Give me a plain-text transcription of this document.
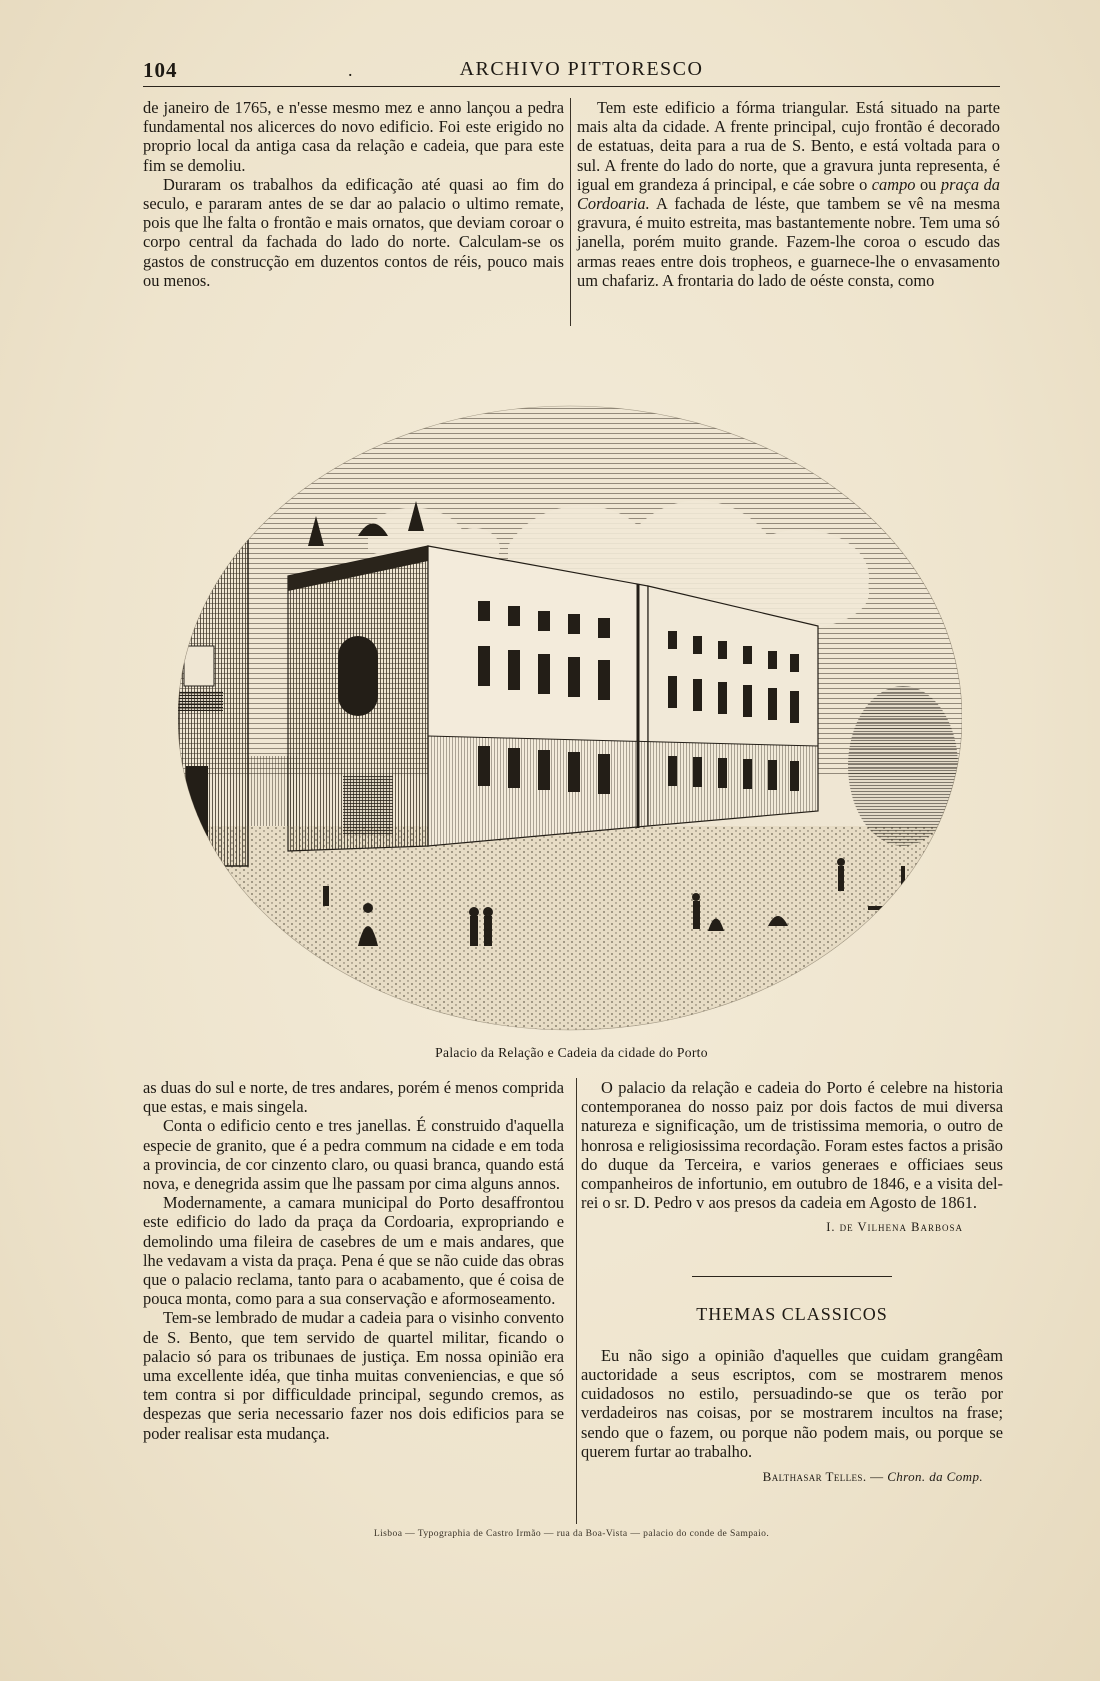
104	.	ARCHIVO PITTORESCO

de janeiro de 1765, e n'esse mesmo mez e anno lançou a pedra fundamental nos alicerces do novo edificio. Foi este erigido no proprio local da antiga casa da relação e cadeia, que para este fim se demoliu.

Duraram os trabalhos da edificação até quasi ao fim do seculo, e pararam antes de se dar ao palacio o ultimo remate, pois que lhe falta o frontão e mais ornatos, que deviam coroar o corpo central da fachada do lado do norte. Calculam-se os gastos de construcção em duzentos contos de réis, pouco mais ou menos.

Tem este edificio a fórma triangular. Está situado na parte mais alta da cidade. A frente principal, cujo frontão é decorado de estatuas, deita para a rua de S. Bento, e está voltada para o sul. A frente do lado do norte, que a gravura junta representa, é igual em grandeza á principal, e cáe sobre o campo ou praça da Cordoaria. A fachada de léste, que tambem se vê na mesma gravura, é muito estreita, mas bastantemente nobre. Tem uma só janella, porém muito grande. Fazem-lhe coroa o escudo das armas reaes entre dois tropheos, e guarnece-lhe o envasamento um chafariz. A frontaria do lado de oéste consta, como

Palacio da Relação e Cadeia da cidade do Porto

as duas do sul e norte, de tres andares, porém é menos comprida que estas, e mais singela.

Conta o edificio cento e tres janellas. É construido d'aquella especie de granito, que é a pedra commum na cidade e em toda a provincia, de cor cinzento claro, ou quasi branca, quando está nova, e denegrida assim que lhe passam por cima alguns annos.

Modernamente, a camara municipal do Porto desaffrontou este edificio do lado da praça da Cordoaria, expropriando e demolindo uma fileira de casebres de um e mais andares, que lhe vedavam a vista da praça. Pena é que se não cuide das obras que o palacio reclama, tanto para o acabamento, que é coisa de pouca monta, como para a sua conservação e aformoseamento.

Tem-se lembrado de mudar a cadeia para o visinho convento de S. Bento, que tem servido de quartel militar, ficando o palacio só para os tribunaes de justiça. Em nossa opinião era uma excellente idéa, que tinha muitas conveniencias, e que só tem contra si por difficuldade principal, segundo cremos, as despezas que seria necessario fazer nos dois edificios para se poder realisar esta mudança.

O palacio da relação e cadeia do Porto é celebre na historia contemporanea do nosso paiz por dois factos de mui diversa natureza e significação, um de tristissima memoria, o outro de honrosa e religiosissima recordação. Foram estes factos a prisão do duque da Terceira, e varios generaes e officiaes seus companheiros de infortunio, em outubro de 1846, e a visita del-rei o sr. D. Pedro v aos presos da cadeia em Agosto de 1861.

I. de Vilhena Barbosa
THEMAS CLASSICOS

Eu não sigo a opinião d'aquelles que cuidam grangêam auctoridade a seus escriptos, com se mostrarem menos cuidadosos no estilo, persuadindo-se que os terão por verdadeiros nas coisas, por se mostrarem incultos na frase; sendo que o fazem, ou porque não podem mais, ou porque se querem furtar ao trabalho.

Balthasar Telles. — Chron. da Comp.
Lisboa — Typographia de Castro Irmão — rua da Boa-Vista — palacio do conde de Sampaio.
